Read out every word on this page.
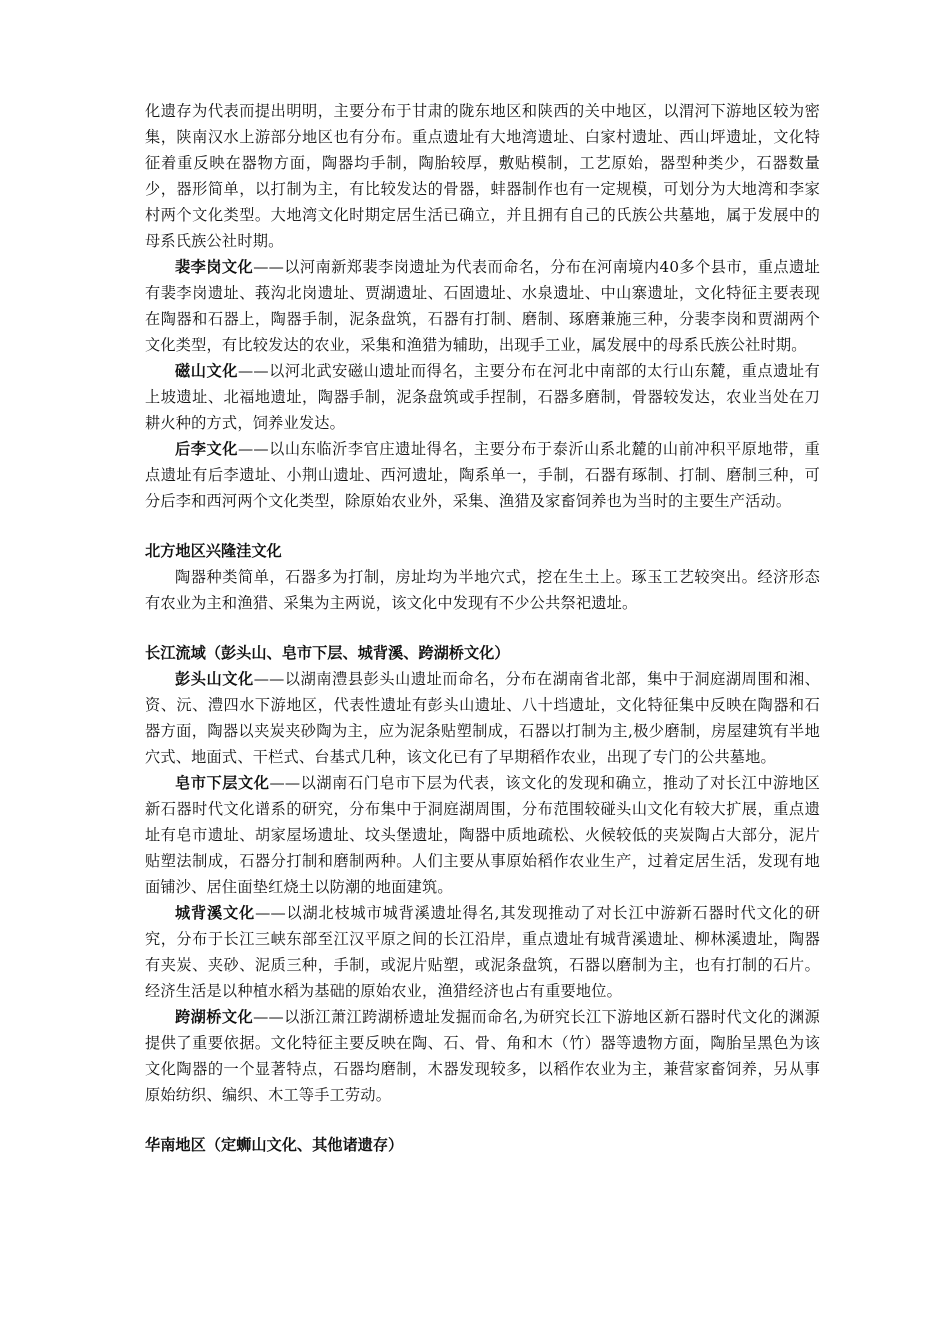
化遗存为代表而提出明明，主要分布于甘肃的陇东地区和陕西的关中地区，以渭河下游地区较为密集，陕南汉水上游部分地区也有分布。重点遗址有大地湾遗址、白家村遗址、西山坪遗址，文化特征着重反映在器物方面，陶器均手制，陶胎较厚，敷贴模制，工艺原始，器型种类少，石器数量少，器形简单，以打制为主，有比较发达的骨器，蚌器制作也有一定规模，可划分为大地湾和李家村两个文化类型。大地湾文化时期定居生活已确立，并且拥有自己的氏族公共墓地，属于发展中的母系氏族公社时期。

裴李岗文化——以河南新郑裴李岗遗址为代表而命名，分布在河南境内40多个县市，重点遗址有裴李岗遗址、莪沟北岗遗址、贾湖遗址、石固遗址、水泉遗址、中山寨遗址，文化特征主要表现在陶器和石器上，陶器手制，泥条盘筑，石器有打制、磨制、琢磨兼施三种，分裴李岗和贾湖两个文化类型，有比较发达的农业，采集和渔猎为辅助，出现手工业，属发展中的母系氏族公社时期。

磁山文化——以河北武安磁山遗址而得名，主要分布在河北中南部的太行山东麓，重点遗址有上坡遗址、北福地遗址，陶器手制，泥条盘筑或手捏制，石器多磨制，骨器较发达，农业当处在刀耕火种的方式，饲养业发达。

后李文化——以山东临沂李官庄遗址得名，主要分布于泰沂山系北麓的山前冲积平原地带，重点遗址有后李遗址、小荆山遗址、西河遗址，陶系单一，手制，石器有琢制、打制、磨制三种，可分后李和西河两个文化类型，除原始农业外，采集、渔猎及家畜饲养也为当时的主要生产活动。

北方地区兴隆洼文化

陶器种类简单，石器多为打制，房址均为半地穴式，挖在生土上。琢玉工艺较突出。经济形态有农业为主和渔猎、采集为主两说，该文化中发现有不少公共祭祀遗址。

长江流域（彭头山、皂市下层、城背溪、跨湖桥文化）

彭头山文化——以湖南澧县彭头山遗址而命名，分布在湖南省北部，集中于洞庭湖周围和湘、资、沅、澧四水下游地区，代表性遗址有彭头山遗址、八十垱遗址，文化特征集中反映在陶器和石器方面，陶器以夹炭夹砂陶为主，应为泥条贴塑制成，石器以打制为主,极少磨制，房屋建筑有半地穴式、地面式、干栏式、台基式几种，该文化已有了早期稻作农业，出现了专门的公共墓地。

皂市下层文化——以湖南石门皂市下层为代表，该文化的发现和确立，推动了对长江中游地区新石器时代文化谱系的研究，分布集中于洞庭湖周围，分布范围较碰头山文化有较大扩展，重点遗址有皂市遗址、胡家屋场遗址、坟头堡遗址，陶器中质地疏松、火候较低的夹炭陶占大部分，泥片贴塑法制成，石器分打制和磨制两种。人们主要从事原始稻作农业生产，过着定居生活，发现有地面铺沙、居住面垫红烧土以防潮的地面建筑。

城背溪文化——以湖北枝城市城背溪遗址得名,其发现推动了对长江中游新石器时代文化的研究，分布于长江三峡东部至江汉平原之间的长江沿岸，重点遗址有城背溪遗址、柳林溪遗址，陶器有夹炭、夹砂、泥质三种，手制，或泥片贴塑，或泥条盘筑，石器以磨制为主，也有打制的石片。经济生活是以种植水稻为基础的原始农业，渔猎经济也占有重要地位。

跨湖桥文化——以浙江萧江跨湖桥遗址发掘而命名,为研究长江下游地区新石器时代文化的渊源提供了重要依据。文化特征主要反映在陶、石、骨、角和木（竹）器等遗物方面，陶胎呈黑色为该文化陶器的一个显著特点，石器均磨制，木器发现较多，以稻作农业为主，兼营家畜饲养，另从事原始纺织、编织、木工等手工劳动。

华南地区（定蛳山文化、其他诸遗存）
